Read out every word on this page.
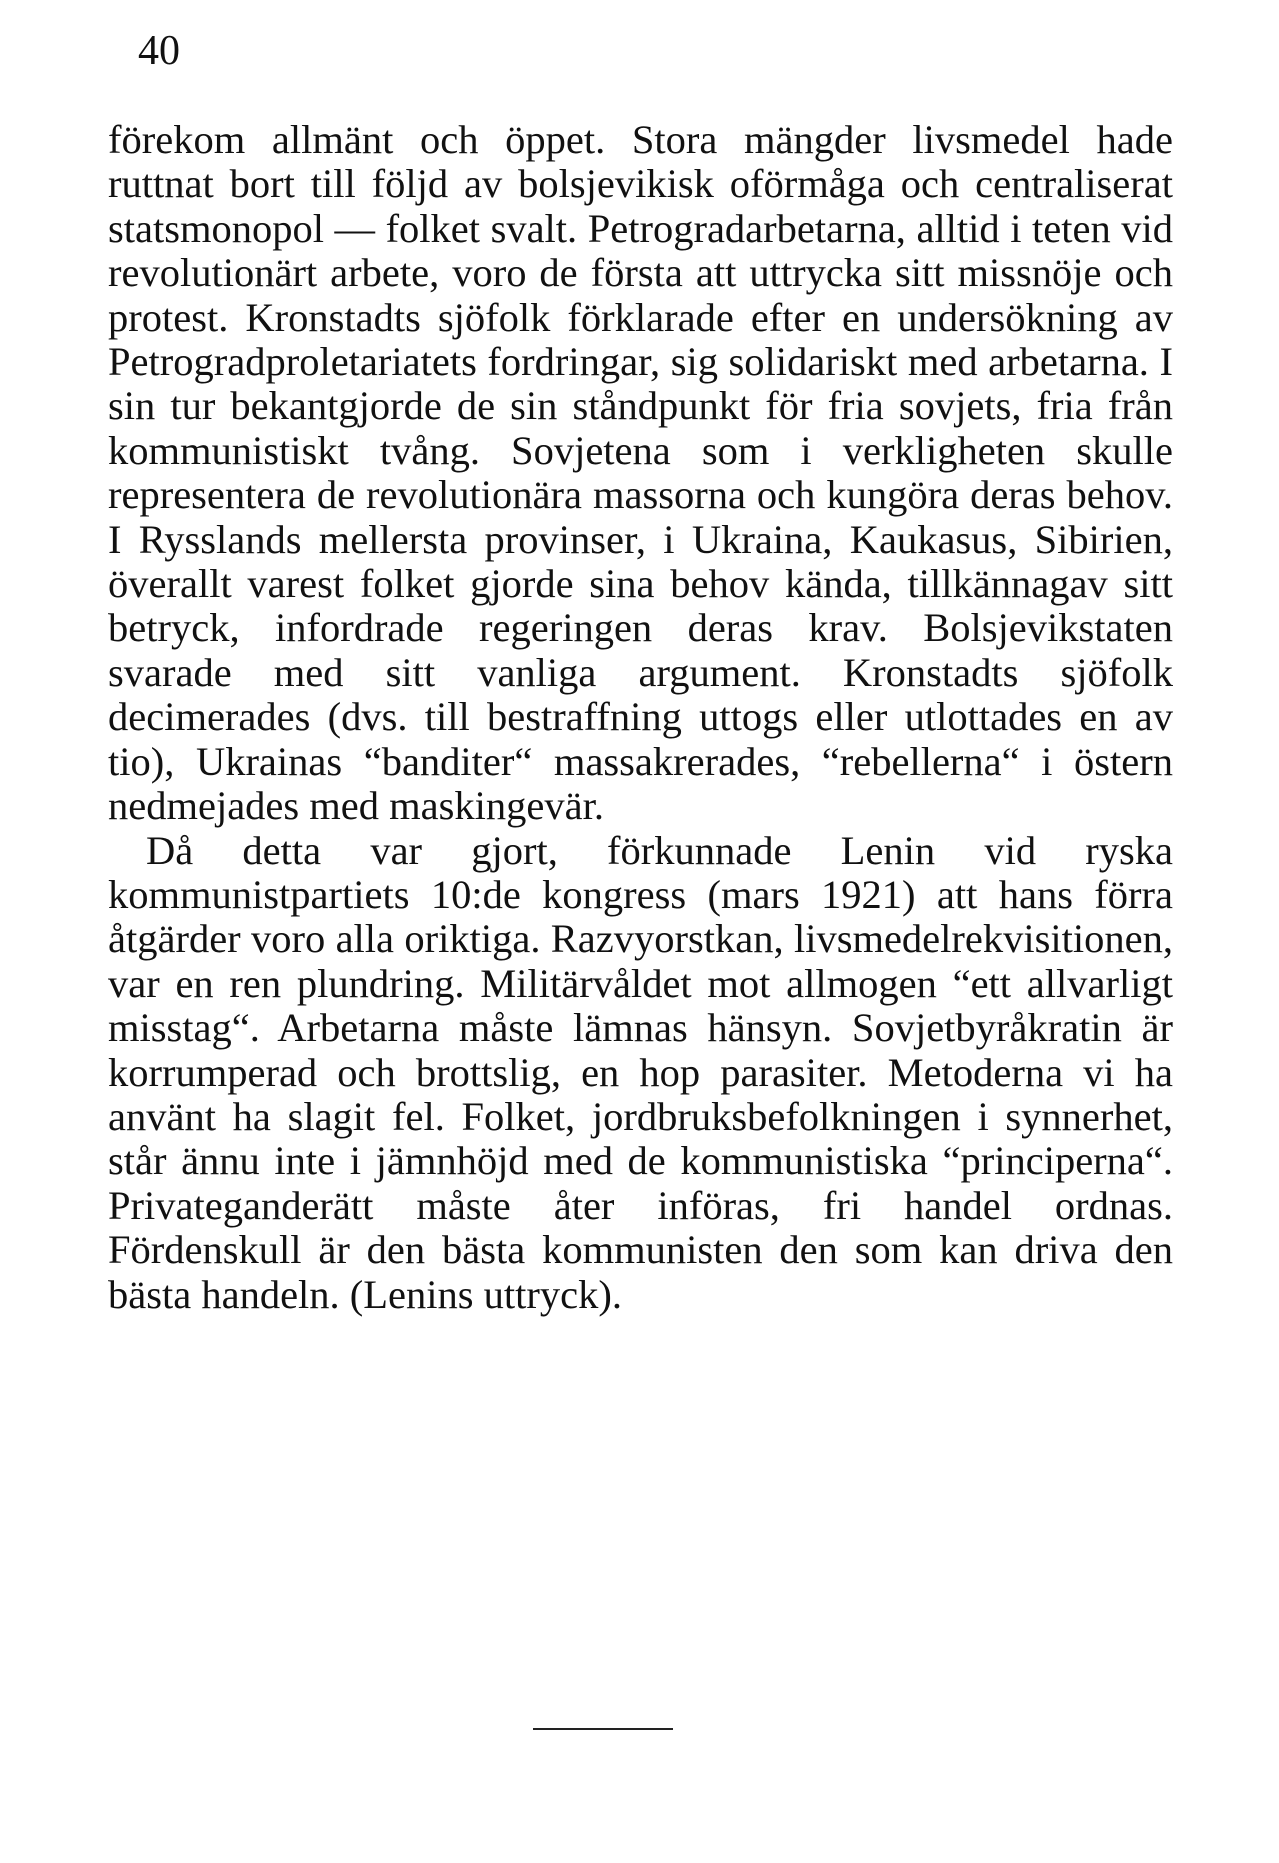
40

förekom allmänt och öppet. Stora mängder livsmedel hade ruttnat bort till följd av bolsjevikisk oförmåga och centraliserat statsmonopol — folket svalt. Petrogradarbetarna, alltid i teten vid revolutionärt arbete, voro de första att uttrycka sitt missnöje och protest. Kronstadts sjöfolk förklarade efter en undersökning av Petrogradproletariatets fordringar, sig solidariskt med arbetarna. I sin tur bekantgjorde de sin ståndpunkt för fria sovjets, fria från kommunistiskt tvång. Sovjetena som i verkligheten skulle representera de revolutionära massorna och kungöra deras behov. I Rysslands mellersta provinser, i Ukraina, Kaukasus, Sibirien, överallt varest folket gjorde sina behov kända, tillkännagav sitt betryck, infordrade regeringen deras krav. Bolsjevikstaten svarade med sitt vanliga argument. Kronstadts sjöfolk decimerades (dvs. till bestraffning uttogs eller utlottades en av tio), Ukrainas “banditer“ massakrerades, “rebellerna“ i östern nedmejades med maskingevär.

Då detta var gjort, förkunnade Lenin vid ryska kommunistpartiets 10:de kongress (mars 1921) att hans förra åtgärder voro alla oriktiga. Razvyorstkan, livsmedelrekvisitionen, var en ren plundring. Militärvåldet mot allmogen “ett allvarligt misstag“. Arbetarna måste lämnas hänsyn. Sovjetbyråkratin är korrumperad och brottslig, en hop parasiter. Metoderna vi ha använt ha slagit fel. Folket, jordbruksbefolkningen i synnerhet, står ännu inte i jämnhöjd med de kommunistiska “principerna“. Privateganderätt måste åter införas, fri handel ordnas. Fördenskull är den bästa kommunisten den som kan driva den bästa handeln. (Lenins uttryck).
